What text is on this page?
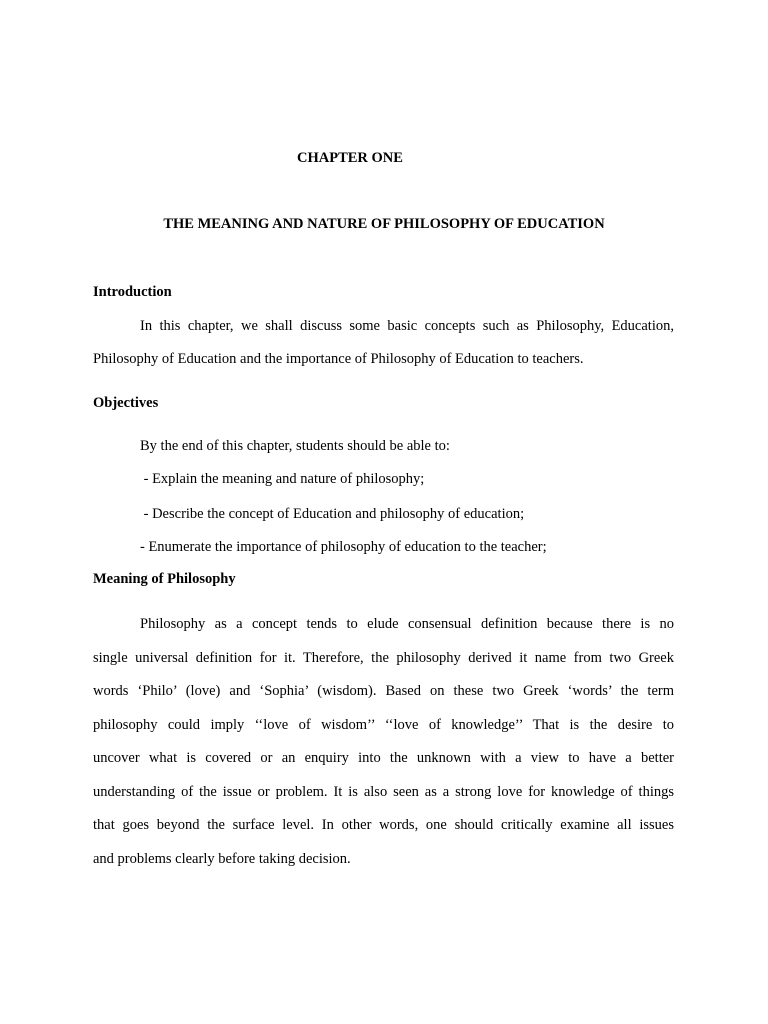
CHAPTER ONE
THE MEANING AND NATURE OF PHILOSOPHY OF EDUCATION
Introduction
In this chapter, we shall discuss some basic concepts such as Philosophy, Education,
Philosophy of Education and the importance of Philosophy of Education to teachers.
Objectives
By the end of this chapter, students should be able to:
- Explain the meaning and nature of philosophy;
- Describe the concept of Education and philosophy of education;
- Enumerate the importance of philosophy of education to the teacher;
Meaning of Philosophy
Philosophy as a concept tends to elude consensual definition because there is no
single universal definition for it. Therefore, the philosophy derived it name from two Greek
words ‘Philo’ (love) and ‘Sophia’ (wisdom). Based on these two Greek ‘words’ the term
philosophy could imply ‘‘love of wisdom’’ ‘‘love of knowledge’’ That is the desire to
uncover what is covered or an enquiry into the unknown with a view to have a better
understanding of the issue or problem. It is also seen as a strong love for knowledge of things
that goes beyond the surface level. In other words, one should critically examine all issues
and problems clearly before taking decision.
